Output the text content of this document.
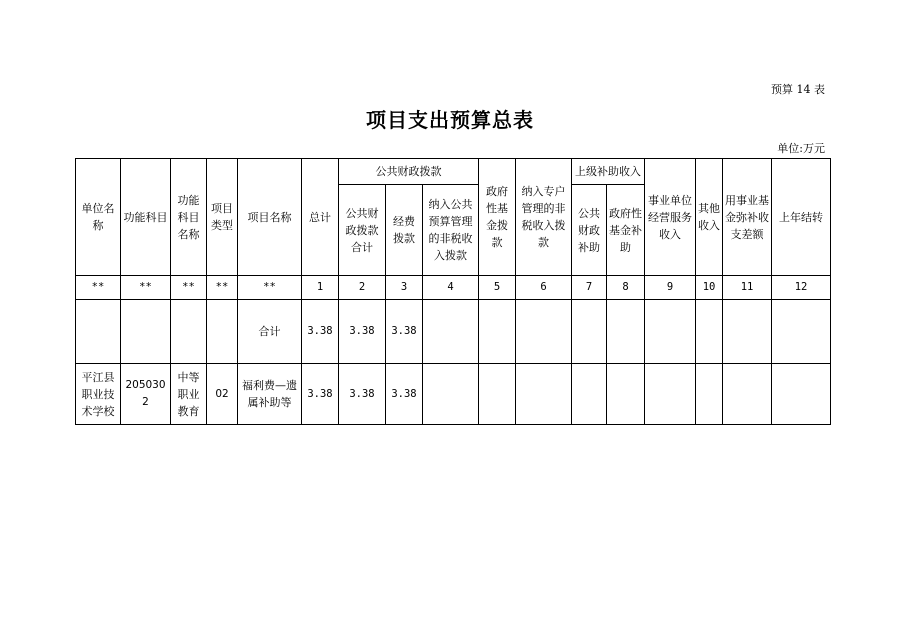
预算 14 表
项目支出预算总表
单位:万元
单位名称	功能科目	功能科目名称	项目类型	项目名称	总计	公共财政拨款			政府性基金拨款	纳入专户管理的非税收入拨款	上级补助收入		事业单位经营服务收入	其他收入	用事业基金弥补收支差额	上年结转
						公共财政拨款合计	经费拨款	纳入公共预算管理的非税收入拨款			公共财政补助	政府性基金补助				
**	**	**	**	**	1	2	3	4	5	6	7	8	9	10	11	12
				合计	3.38	3.38	3.38									
平江县职业技术学校	2050302	中等职业教育	02	福利费—遗属补助等	3.38	3.38	3.38									
